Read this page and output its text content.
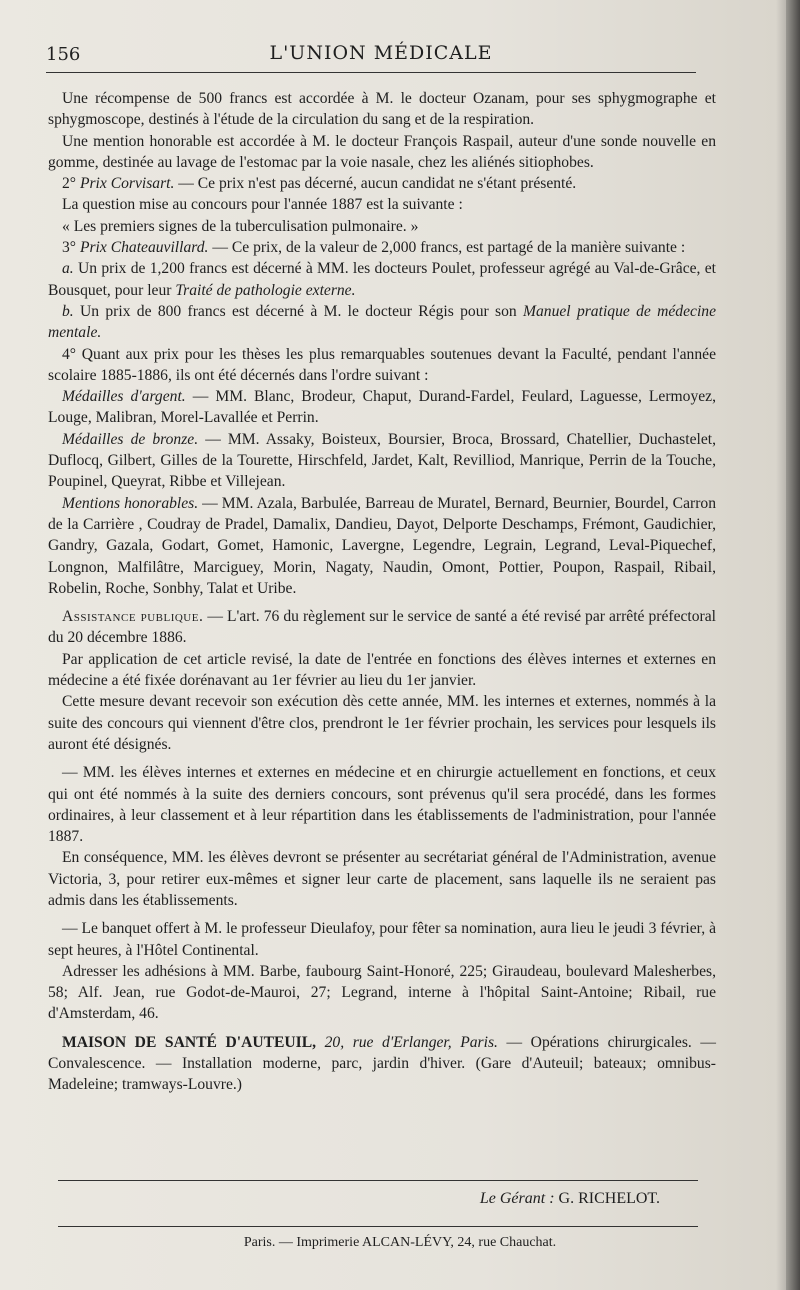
156	L'UNION MÉDICALE

Une récompense de 500 francs est accordée à M. le docteur Ozanam, pour ses sphygmographe et sphygmoscope, destinés à l'étude de la circulation du sang et de la respiration.

Une mention honorable est accordée à M. le docteur François Raspail, auteur d'une sonde nouvelle en gomme, destinée au lavage de l'estomac par la voie nasale, chez les aliénés sitiophobes.

2° Prix Corvisart. — Ce prix n'est pas décerné, aucun candidat ne s'étant présenté.

La question mise au concours pour l'année 1887 est la suivante :

« Les premiers signes de la tuberculisation pulmonaire. »

3° Prix Chateauvillard. — Ce prix, de la valeur de 2,000 francs, est partagé de la manière suivante :

a. Un prix de 1,200 francs est décerné à MM. les docteurs Poulet, professeur agrégé au Val-de-Grâce, et Bousquet, pour leur Traité de pathologie externe.

b. Un prix de 800 francs est décerné à M. le docteur Régis pour son Manuel pratique de médecine mentale.

4° Quant aux prix pour les thèses les plus remarquables soutenues devant la Faculté, pendant l'année scolaire 1885-1886, ils ont été décernés dans l'ordre suivant :

Médailles d'argent. — MM. Blanc, Brodeur, Chaput, Durand-Fardel, Feulard, Laguesse, Lermoyez, Louge, Malibran, Morel-Lavallée et Perrin.

Médailles de bronze. — MM. Assaky, Boisteux, Boursier, Broca, Brossard, Chatellier, Duchastelet, Duflocq, Gilbert, Gilles de la Tourette, Hirschfeld, Jardet, Kalt, Revilliod, Manrique, Perrin de la Touche, Poupinel, Queyrat, Ribbe et Villejean.

Mentions honorables. — MM. Azala, Barbulée, Barreau de Muratel, Bernard, Beurnier, Bourdel, Carron de la Carrière , Coudray de Pradel, Damalix, Dandieu, Dayot, Delporte Deschamps, Frémont, Gaudichier, Gandry, Gazala, Godart, Gomet, Hamonic, Lavergne, Legendre, Legrain, Legrand, Leval-Piquechef, Longnon, Malfilâtre, Marciguey, Morin, Nagaty, Naudin, Omont, Pottier, Poupon, Raspail, Ribail, Robelin, Roche, Sonbhy, Talat et Uribe.

Assistance publique. — L'art. 76 du règlement sur le service de santé a été revisé par arrêté préfectoral du 20 décembre 1886.

Par application de cet article revisé, la date de l'entrée en fonctions des élèves internes et externes en médecine a été fixée dorénavant au 1er février au lieu du 1er janvier.

Cette mesure devant recevoir son exécution dès cette année, MM. les internes et externes, nommés à la suite des concours qui viennent d'être clos, prendront le 1er février prochain, les services pour lesquels ils auront été désignés.

— MM. les élèves internes et externes en médecine et en chirurgie actuellement en fonctions, et ceux qui ont été nommés à la suite des derniers concours, sont prévenus qu'il sera procédé, dans les formes ordinaires, à leur classement et à leur répartition dans les établissements de l'administration, pour l'année 1887.

En conséquence, MM. les élèves devront se présenter au secrétariat général de l'Administration, avenue Victoria, 3, pour retirer eux-mêmes et signer leur carte de placement, sans laquelle ils ne seraient pas admis dans les établissements.

— Le banquet offert à M. le professeur Dieulafoy, pour fêter sa nomination, aura lieu le jeudi 3 février, à sept heures, à l'Hôtel Continental.

Adresser les adhésions à MM. Barbe, faubourg Saint-Honoré, 225; Giraudeau, boulevard Malesherbes, 58; Alf. Jean, rue Godot-de-Mauroi, 27; Legrand, interne à l'hôpital Saint-Antoine; Ribail, rue d'Amsterdam, 46.

MAISON DE SANTÉ D'AUTEUIL, 20, rue d'Erlanger, Paris. — Opérations chirurgicales. — Convalescence. — Installation moderne, parc, jardin d'hiver. (Gare d'Auteuil; bateaux; omnibus-Madeleine; tramways-Louvre.)

Le Gérant : G. RICHELOT.
Paris. — Imprimerie ALCAN-LÉVY, 24, rue Chauchat.
